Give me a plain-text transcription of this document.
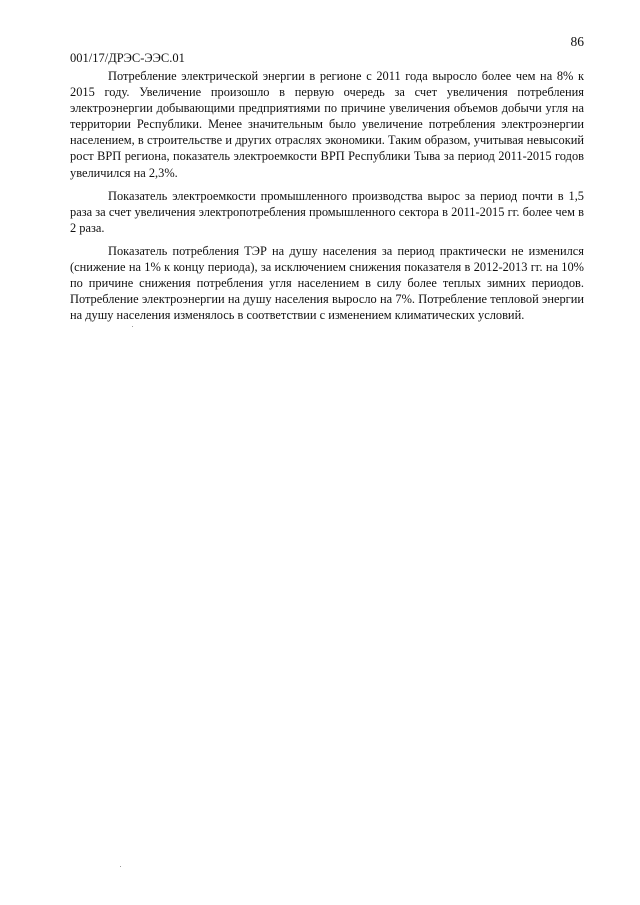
86
001/17/ДРЭС-ЭЭС.01

Потребление электрической энергии в регионе с 2011 года выросло более чем на 8% к 2015 году. Увеличение произошло в первую очередь за счет увеличения потребления электроэнергии добывающими предприятиями по причине увеличения объемов добычи угля на территории Республики. Менее значительным было увеличение потребления электроэнергии населением, в строительстве и других отраслях экономики. Таким образом, учитывая невысокий рост ВРП региона, показатель электроемкости ВРП Республики Тыва за период 2011-2015 годов увеличился на 2,3%.

Показатель электроемкости промышленного производства вырос за период почти в 1,5 раза за счет увеличения электропотребления промышленного сектора в 2011-2015 гг. более чем в 2 раза.

Показатель потребления ТЭР на душу населения за период практически не изменился (снижение на 1% к концу периода), за исключением снижения показателя в 2012-2013 гг. на 10% по причине снижения потребления угля населением в силу более теплых зимних периодов. Потребление электроэнергии на душу населения выросло на 7%. Потребление тепловой энергии на душу населения изменялось в соответствии с изменением климатических условий.
